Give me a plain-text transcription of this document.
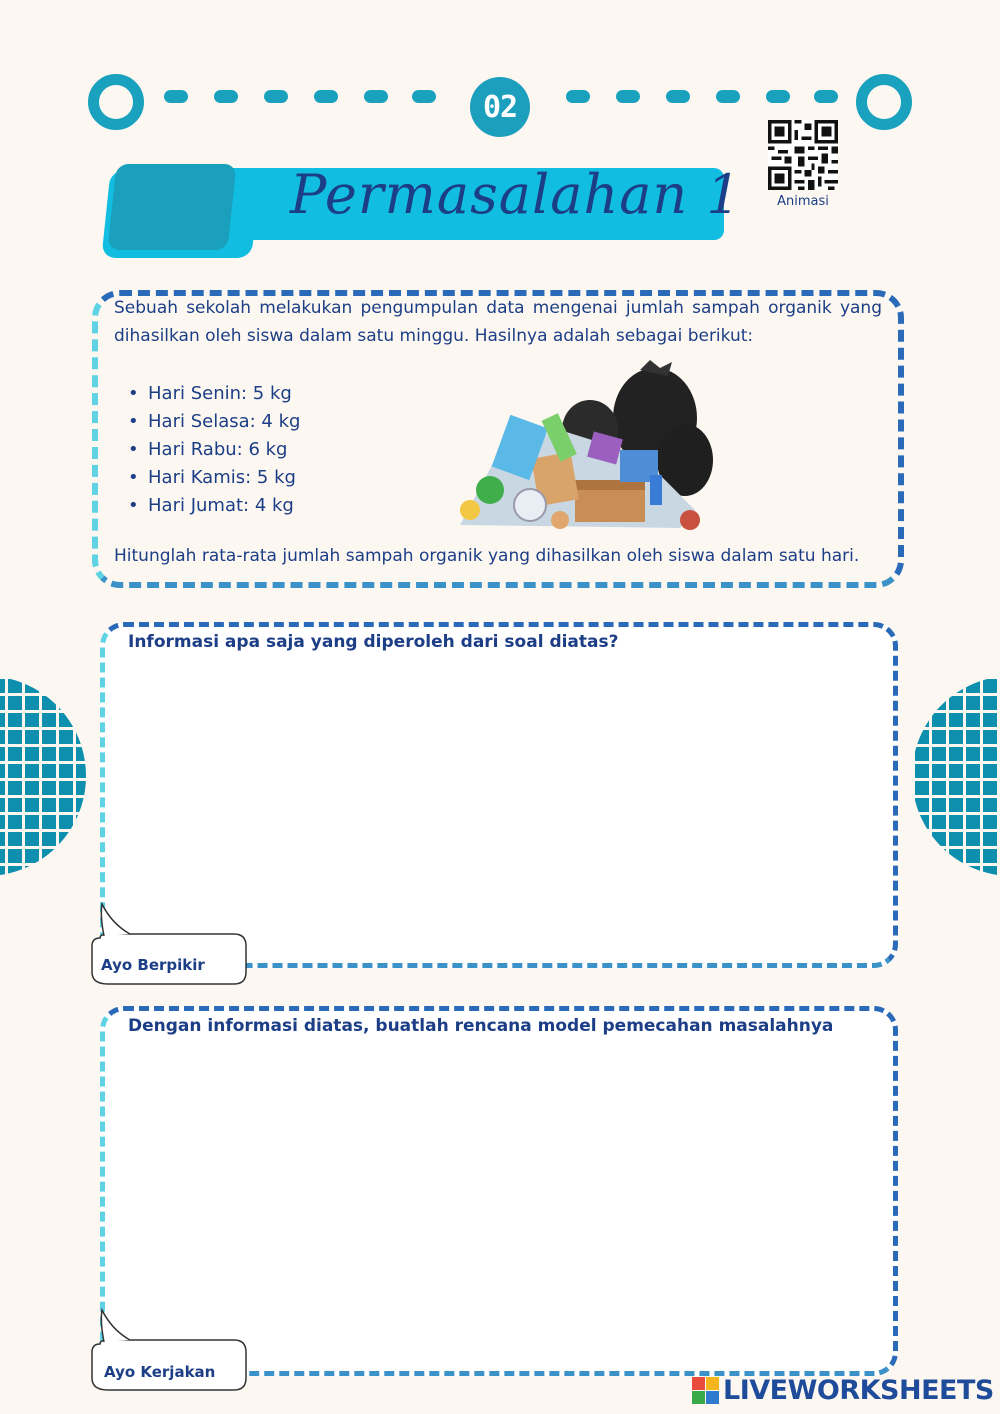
02
Permasalahan 1	Animasi
Sebuah sekolah melakukan pengumpulan data mengenai jumlah sampah organik yang dihasilkan oleh siswa dalam satu minggu. Hasilnya adalah sebagai berikut:
• Hari Senin: 5 kg
• Hari Selasa: 4 kg
• Hari Rabu: 6 kg
• Hari Kamis: 5 kg
• Hari Jumat: 4 kg
Hitunglah rata-rata jumlah sampah organik yang dihasilkan oleh siswa dalam satu hari.
Informasi apa saja yang diperoleh dari soal diatas?
Ayo Berpikir
Dengan informasi diatas, buatlah rencana model pemecahan masalahnya
Ayo Kerjakan
LIVEWORKSHEETS
